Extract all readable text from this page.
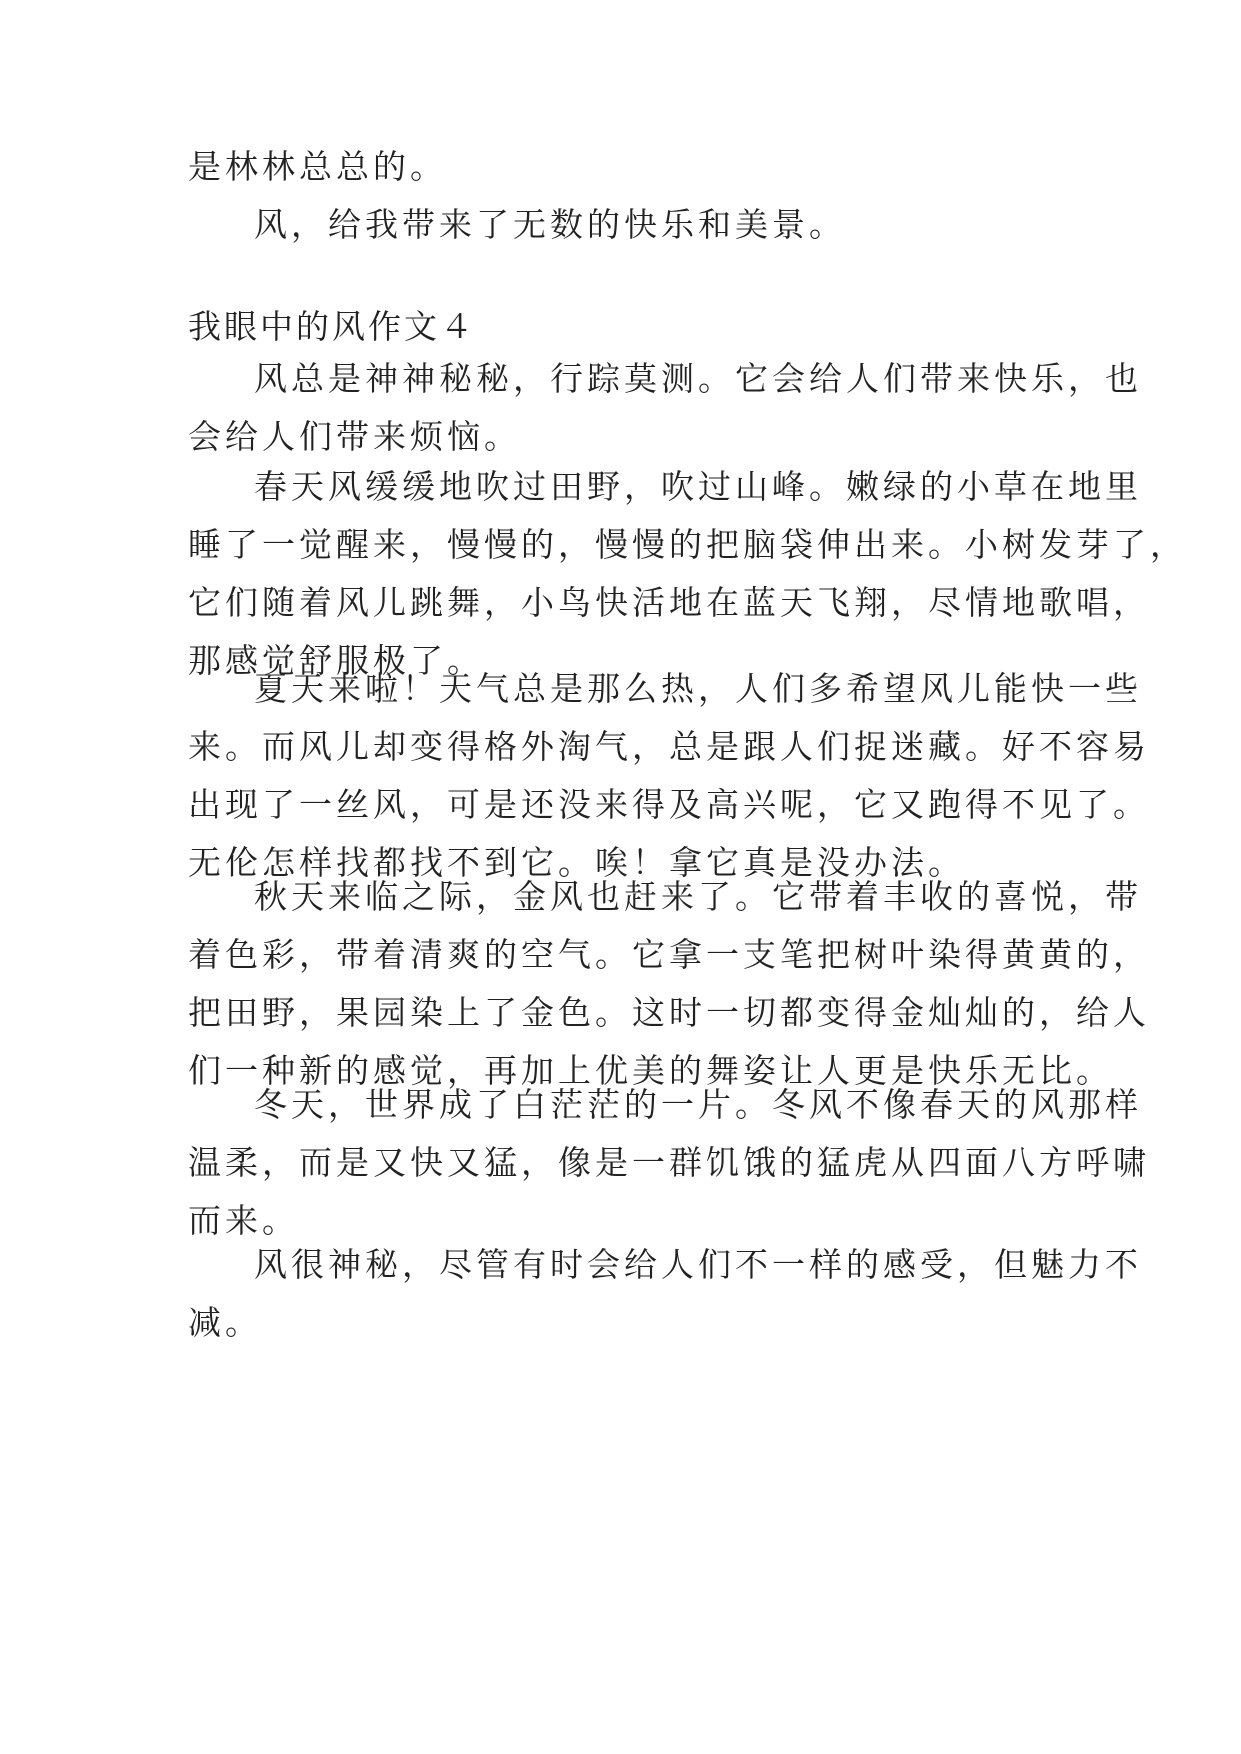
是林林总总的。

风，给我带来了无数的快乐和美景。

我眼中的风作文４

风总是神神秘秘，行踪莫测。它会给人们带来快乐，也
会给人们带来烦恼。

春天风缓缓地吹过田野，吹过山峰。嫩绿的小草在地里
睡了一觉醒来，慢慢的，慢慢的把脑袋伸出来。小树发芽了，
它们随着风儿跳舞，小鸟快活地在蓝天飞翔，尽情地歌唱，
那感觉舒服极了。

夏天来啦！天气总是那么热，人们多希望风儿能快一些
来。而风儿却变得格外淘气，总是跟人们捉迷藏。好不容易
出现了一丝风，可是还没来得及高兴呢，它又跑得不见了。
无伦怎样找都找不到它。唉！拿它真是没办法。

秋天来临之际，金风也赶来了。它带着丰收的喜悦，带
着色彩，带着清爽的空气。它拿一支笔把树叶染得黄黄的，
把田野，果园染上了金色。这时一切都变得金灿灿的，给人
们一种新的感觉，再加上优美的舞姿让人更是快乐无比。

冬天，世界成了白茫茫的一片。冬风不像春天的风那样
温柔，而是又快又猛，像是一群饥饿的猛虎从四面八方呼啸
而来。

风很神秘，尽管有时会给人们不一样的感受，但魅力不
减。
